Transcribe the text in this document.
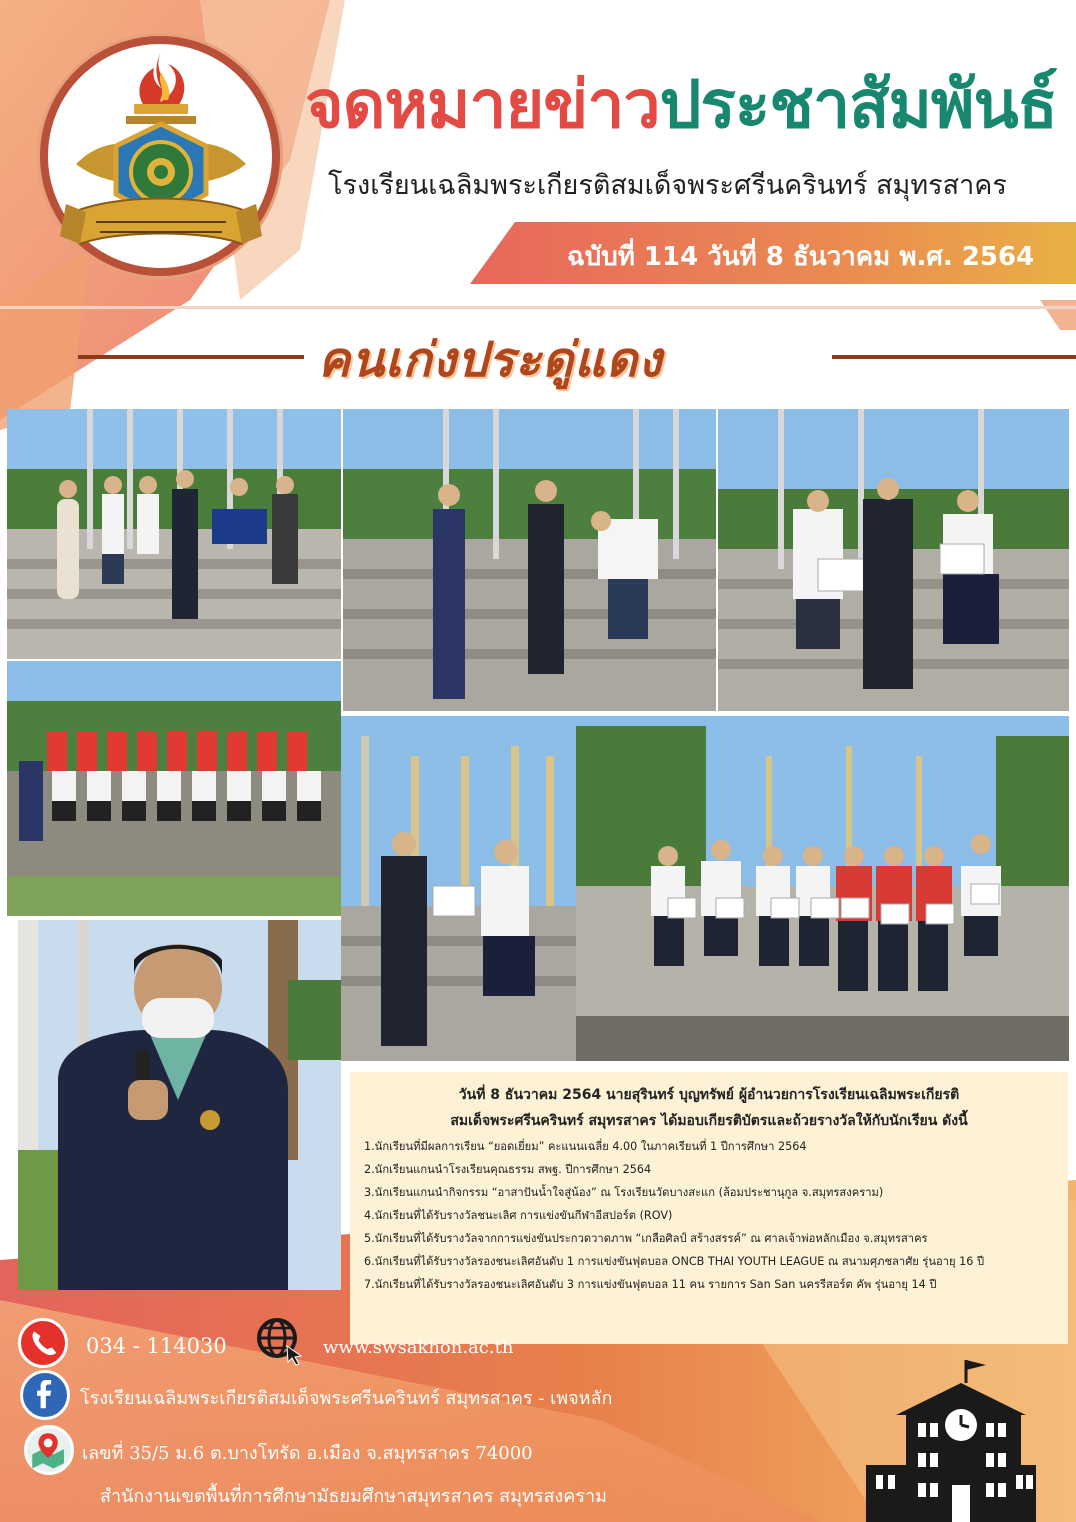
จดหมายข่าวประชาสัมพันธ์
โรงเรียนเฉลิมพระเกียรติสมเด็จพระศรีนครินทร์ สมุทรสาคร
ฉบับที่ 114 วันที่ 8 ธันวาคม พ.ศ. 2564
คนเก่งประดู่แดง
วันที่ 8 ธันวาคม 2564 นายสุรินทร์ บุญทรัพย์ ผู้อำนวยการโรงเรียนเฉลิมพระเกียรติ
สมเด็จพระศรีนครินทร์ สมุทรสาคร ได้มอบเกียรติบัตรและถ้วยรางวัลให้กับนักเรียน ดังนี้
1.นักเรียนที่มีผลการเรียน “ยอดเยี่ยม” คะแนนเฉลี่ย 4.00 ในภาคเรียนที่ 1 ปีการศึกษา 2564
2.นักเรียนแกนนำโรงเรียนคุณธรรม สพฐ. ปีการศึกษา 2564
3.นักเรียนแกนนำกิจกรรม “อาสาปันน้ำใจสู่น้อง” ณ โรงเรียนวัดบางสะแก (ล้อมประชานุกูล จ.สมุทรสงคราม)
4.นักเรียนที่ได้รับรางวัลชนะเลิศ การแข่งขันกีฬาอีสปอร์ต (ROV)
5.นักเรียนที่ได้รับรางวัลจากการแข่งขันประกวดวาดภาพ “เกลือศิลป์ สร้างสรรค์” ณ ศาลเจ้าพ่อหลักเมือง จ.สมุทรสาคร
6.นักเรียนที่ได้รับรางวัลรองชนะเลิศอันดับ 1 การแข่งขันฟุตบอล ONCB THAI YOUTH LEAGUE ณ สนามศุภชลาศัย รุ่นอายุ 16 ปี
7.นักเรียนที่ได้รับรางวัลรองชนะเลิศอันดับ 3 การแข่งขันฟุตบอล 11 คน รายการ San San นครรีสอร์ต คัพ รุ่นอายุ 14 ปี
034 - 114030	www.swsakhon.ac.th
โรงเรียนเฉลิมพระเกียรติสมเด็จพระศรีนครินทร์ สมุทรสาคร - เพจหลัก
เลขที่ 35/5 ม.6 ต.บางโทรัด อ.เมือง จ.สมุทรสาคร 74000
สำนักงานเขตพื้นที่การศึกษามัธยมศึกษาสมุทรสาคร สมุทรสงคราม
